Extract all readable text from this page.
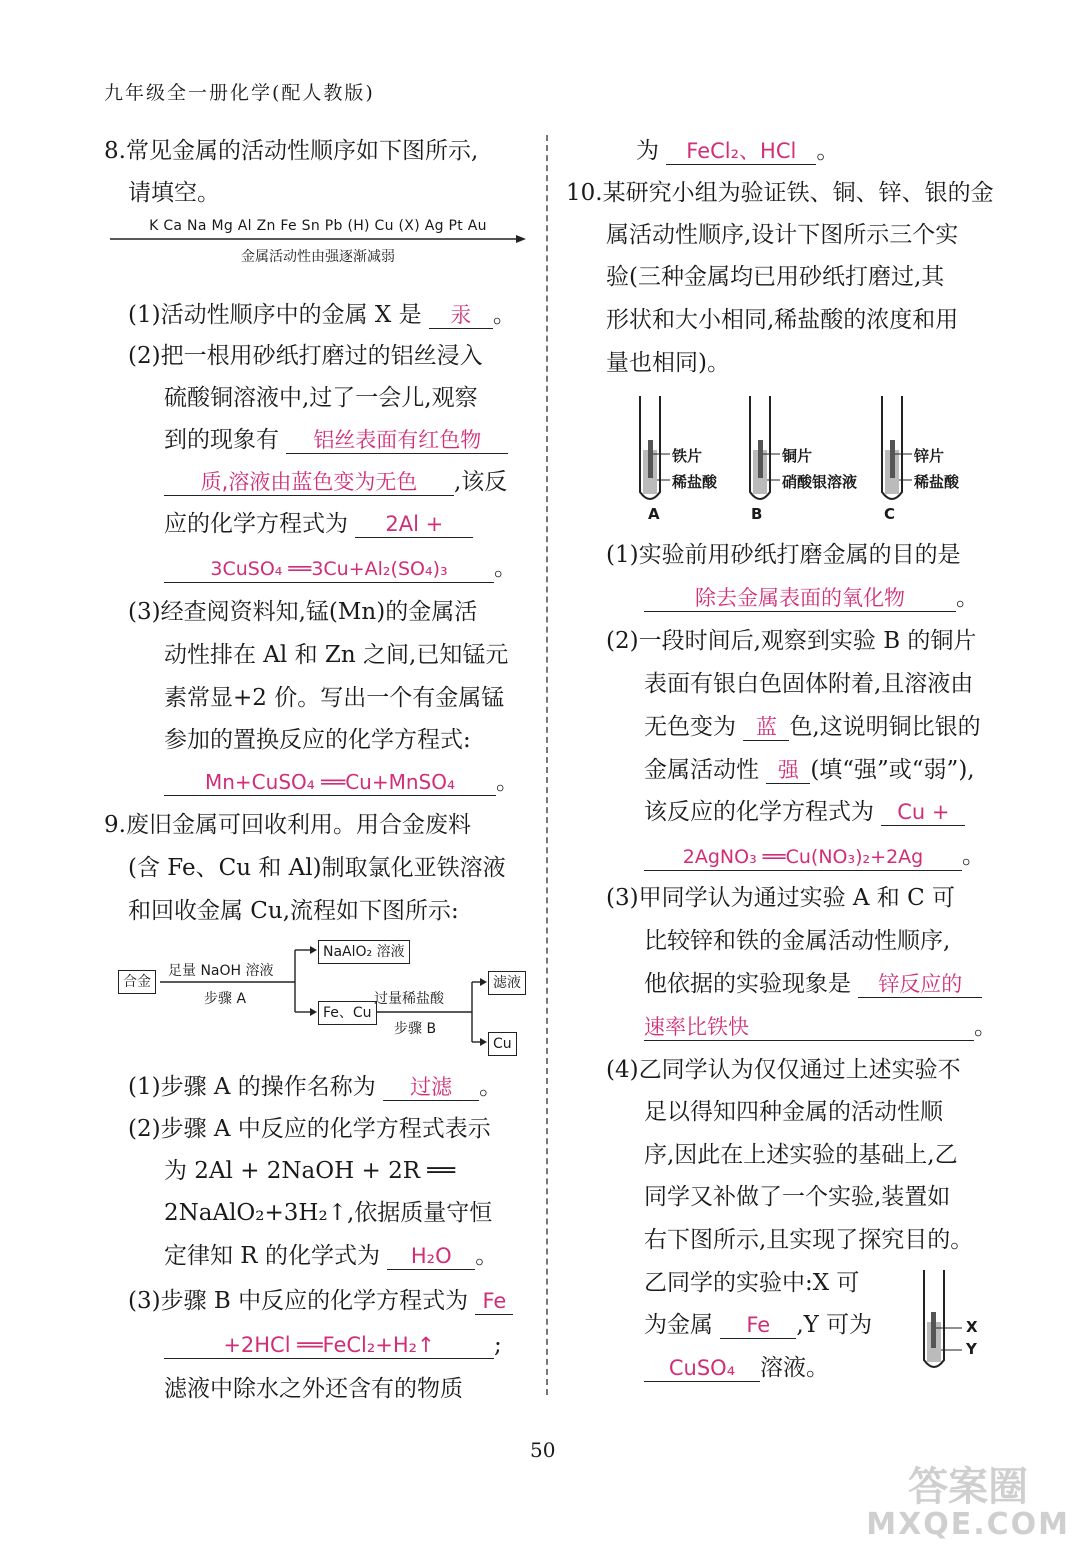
九年级全一册化学(配人教版)
8.常见金属的活动性顺序如下图所示,
请填空。
K Ca Na Mg Al Zn Fe Sn Pb (H) Cu (X) Ag Pt Au
金属活动性由强逐渐减弱
(1)活动性顺序中的金属 X 是 汞 。
(2)把一根用砂纸打磨过的铝丝浸入
硫酸铜溶液中,过了一会儿,观察
到的现象有 铝丝表面有红色物
质,溶液由蓝色变为无色 ,该反
应的化学方程式为 2Al +
3CuSO₄ ══3Cu+Al₂(SO₄)₃ 。
(3)经查阅资料知,锰(Mn)的金属活
动性排在 Al 和 Zn 之间,已知锰元
素常显+2 价。写出一个有金属锰
参加的置换反应的化学方程式:
Mn+CuSO₄ ══Cu+MnSO₄ 。
9.废旧金属可回收利用。用合金废料
(含 Fe、Cu 和 Al)制取氯化亚铁溶液
和回收金属 Cu,流程如下图所示:
合金
足量 NaOH 溶液
步骤 A
NaAlO₂ 溶液
Fe、Cu
过量稀盐酸
步骤 B
滤液
Cu
(1)步骤 A 的操作名称为 过滤 。
(2)步骤 A 中反应的化学方程式表示
为 2Al + 2NaOH + 2R ══
2NaAlO₂+3H₂↑,依据质量守恒
定律知 R 的化学式为 H₂O 。
(3)步骤 B 中反应的化学方程式为 Fe
+2HCl ══FeCl₂+H₂↑	;
滤液中除水之外还含有的物质
为 FeCl₂、HCl 。
10.某研究小组为验证铁、铜、锌、银的金
属活动性顺序,设计下图所示三个实
验(三种金属均已用砂纸打磨过,其
形状和大小相同,稀盐酸的浓度和用
量也相同)。
铁片
稀盐酸
A
铜片
硝酸银溶液
B
锌片
稀盐酸
C
(1)实验前用砂纸打磨金属的目的是
除去金属表面的氧化物 。
(2)一段时间后,观察到实验 B 的铜片
表面有银白色固体附着,且溶液由
无色变为 蓝 色,这说明铜比银的
金属活动性 强 (填“强”或“弱”),
该反应的化学方程式为 Cu +
2AgNO₃ ══Cu(NO₃)₂+2Ag 。
(3)甲同学认为通过实验 A 和 C 可
比较锌和铁的金属活动性顺序,
他依据的实验现象是 锌反应的
速率比铁快	。
(4)乙同学认为仅仅通过上述实验不
足以得知四种金属的活动性顺
序,因此在上述实验的基础上,乙
同学又补做了一个实验,装置如
右下图所示,且实现了探究目的。
乙同学的实验中:X 可
为金属 Fe ,Y 可为
CuSO₄ 溶液。
X
Y
50
答案圈
MXQE.COM
